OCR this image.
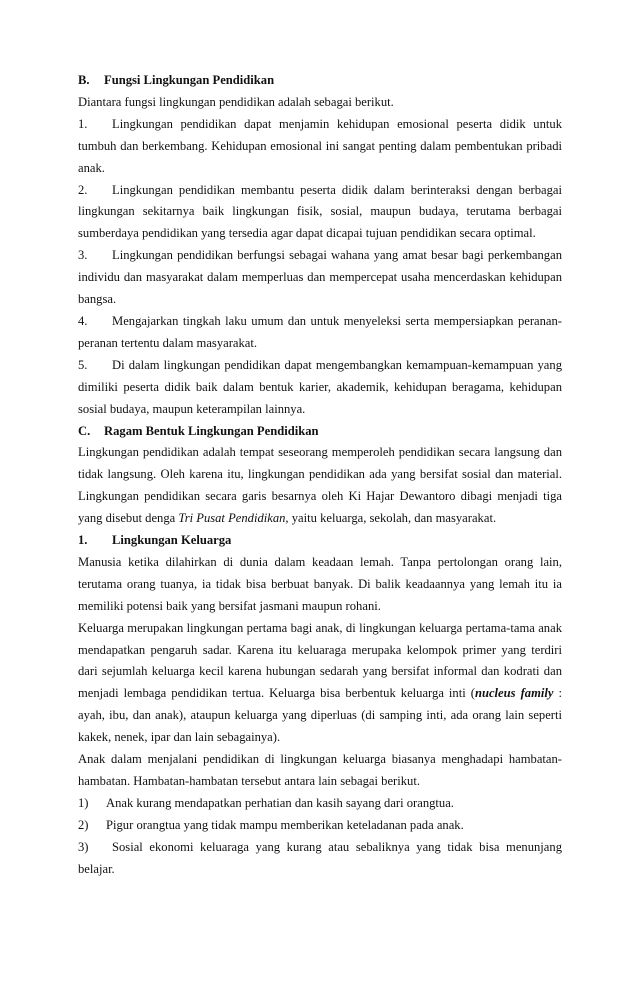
B. Fungsi Lingkungan Pendidikan

Diantara fungsi lingkungan pendidikan adalah sebagai berikut.

1. Lingkungan pendidikan dapat menjamin kehidupan emosional peserta didik untuk tumbuh dan berkembang. Kehidupan emosional ini sangat penting dalam pembentukan pribadi anak.

2. Lingkungan pendidikan membantu peserta didik dalam berinteraksi dengan berbagai lingkungan sekitarnya baik lingkungan fisik, sosial, maupun budaya, terutama berbagai sumberdaya pendidikan yang tersedia agar dapat dicapai tujuan pendidikan secara optimal.

3. Lingkungan pendidikan berfungsi sebagai wahana yang amat besar bagi perkembangan individu dan masyarakat dalam memperluas dan mempercepat usaha mencerdaskan kehidupan bangsa.

4. Mengajarkan tingkah laku umum dan untuk menyeleksi serta mempersiapkan peranan-peranan tertentu dalam masyarakat.

5. Di dalam lingkungan pendidikan dapat mengembangkan kemampuan-kemampuan yang dimiliki peserta didik baik dalam bentuk karier, akademik, kehidupan beragama, kehidupan sosial budaya, maupun keterampilan lainnya.

C. Ragam Bentuk Lingkungan Pendidikan

Lingkungan pendidikan adalah tempat seseorang memperoleh pendidikan secara langsung dan tidak langsung. Oleh karena itu, lingkungan pendidikan ada yang bersifat sosial dan material. Lingkungan pendidikan secara garis besarnya oleh Ki Hajar Dewantoro dibagi menjadi tiga yang disebut denga Tri Pusat Pendidikan, yaitu keluarga, sekolah, dan masyarakat.

1. Lingkungan Keluarga

Manusia ketika dilahirkan di dunia dalam keadaan lemah. Tanpa pertolongan orang lain, terutama orang tuanya, ia tidak bisa berbuat banyak. Di balik keadaannya yang lemah itu ia memiliki potensi baik yang bersifat jasmani maupun rohani.

Keluarga merupakan lingkungan pertama bagi anak, di lingkungan keluarga pertama-tama anak mendapatkan pengaruh sadar. Karena itu keluaraga merupaka kelompok primer yang terdiri dari sejumlah keluarga kecil karena hubungan sedarah yang bersifat informal dan kodrati dan menjadi lembaga pendidikan tertua. Keluarga bisa berbentuk keluarga inti (nucleus family : ayah, ibu, dan anak), ataupun keluarga yang diperluas (di samping inti, ada orang lain seperti kakek, nenek, ipar dan lain sebagainya).

Anak dalam menjalani pendidikan di lingkungan keluarga biasanya menghadapi hambatan-hambatan. Hambatan-hambatan tersebut antara lain sebagai berikut.

1) Anak kurang mendapatkan perhatian dan kasih sayang dari orangtua.

2) Pigur orangtua yang tidak mampu memberikan keteladanan pada anak.

3) Sosial ekonomi keluaraga yang kurang atau sebaliknya yang tidak bisa menunjang belajar.
